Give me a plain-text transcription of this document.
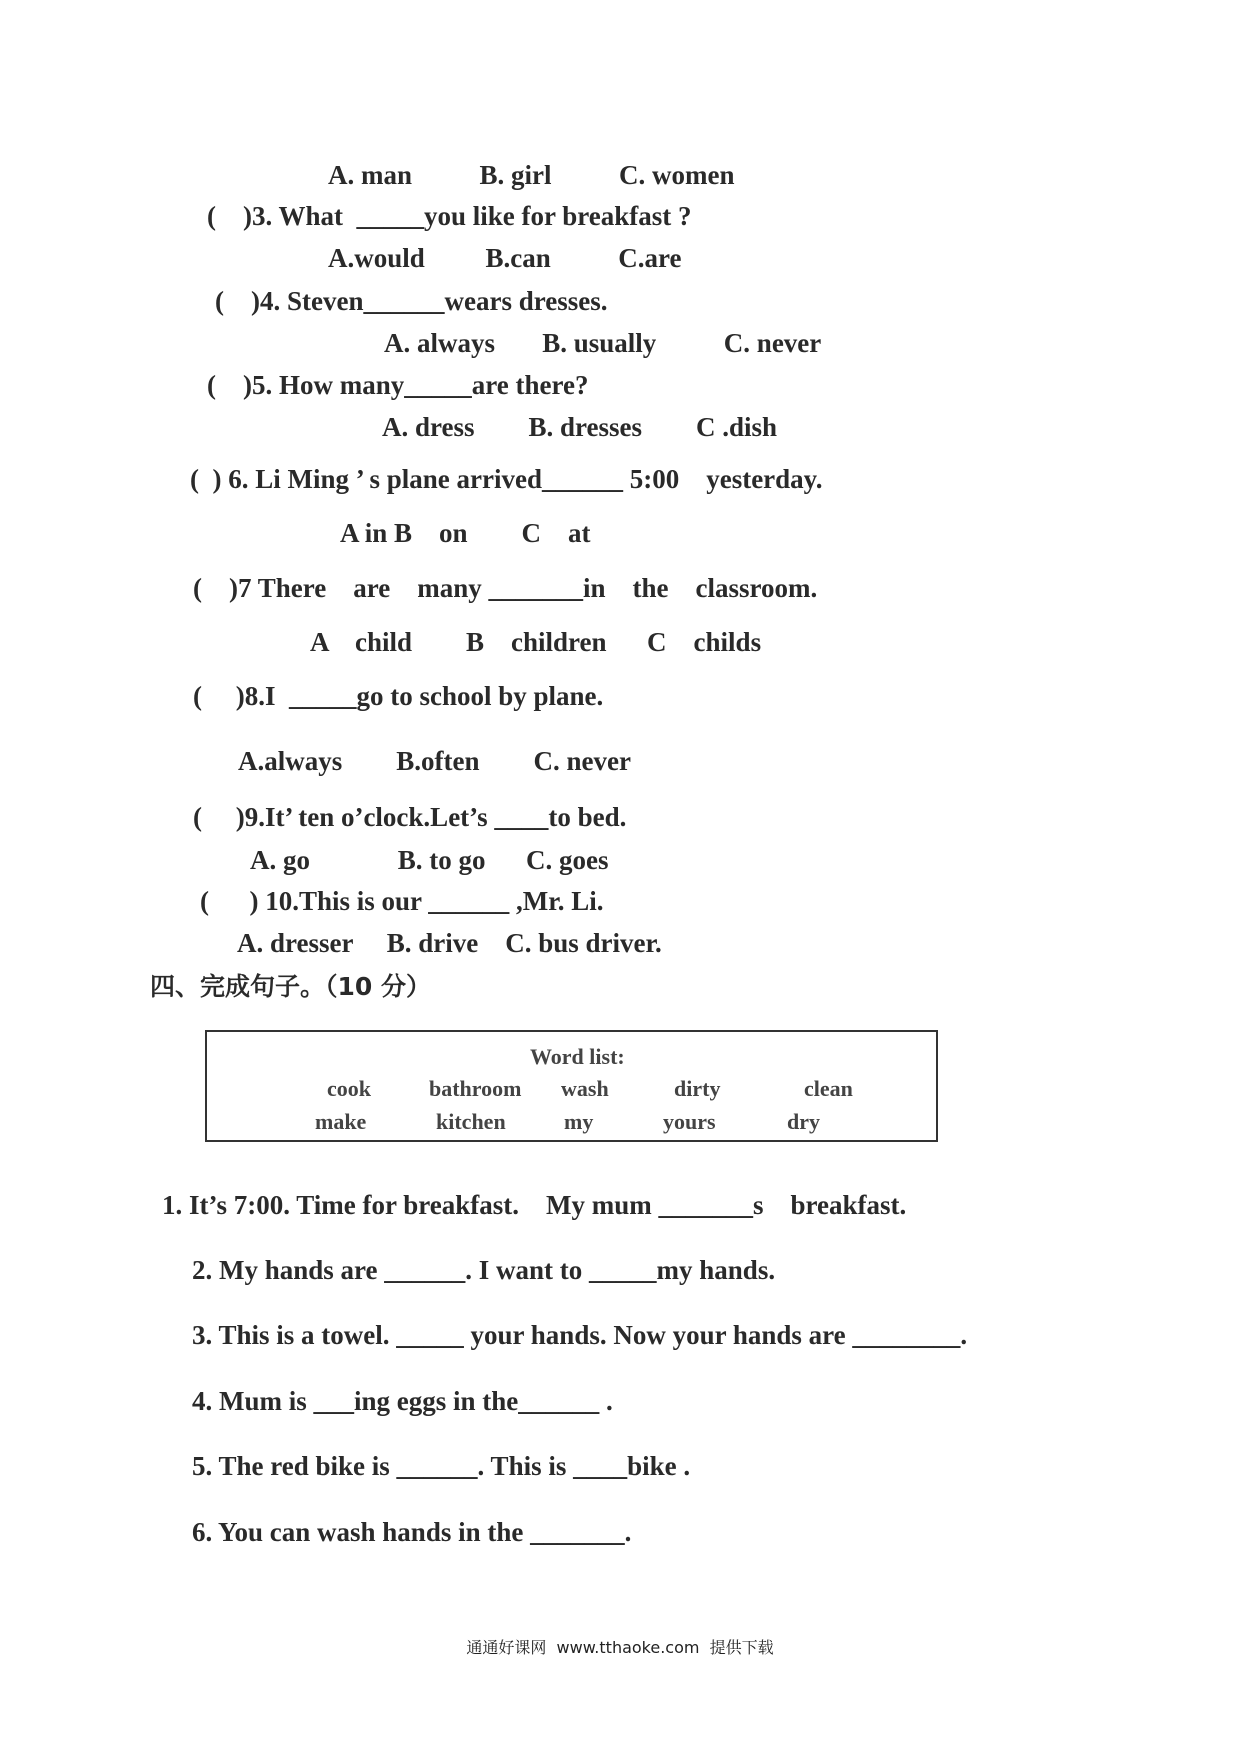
A. man          B. girl          C. women
(    )3. What  _____you like for breakfast ?
A.would         B.can          C.are
(    )4. Steven______wears dresses.
A. always       B. usually          C. never
(    )5. How many_____are there?
A. dress        B. dresses        C .dish
(  ) 6. Li Ming ’ s plane arrived______ 5:00    yesterday.
A in B    on        C    at
(    )7 There    are    many _______in    the    classroom.
A    child        B    children      C    childs
(     )8.I  _____go to school by plane.
A.always        B.often        C. never
(     )9.It’ ten o’clock.Let’s ____to bed.
A. go             B. to go      C. goes
(      ) 10.This is our ______ ,Mr. Li.
A. dresser     B. drive    C. bus driver.
四、完成句子。（10 分）
Word list:
cook	bathroom wash	dirty	clean
make	kitchen	my	yours	dry
1. It’s 7:00. Time for breakfast.    My mum _______s    breakfast.
2. My hands are ______. I want to _____my hands.
3. This is a towel. _____ your hands. Now your hands are ________.
4. Mum is ___ing eggs in the______ .
5. The red bike is ______. This is ____bike .
6. You can wash hands in the _______.
通通好课网  www.tthaoke.com  提供下载
